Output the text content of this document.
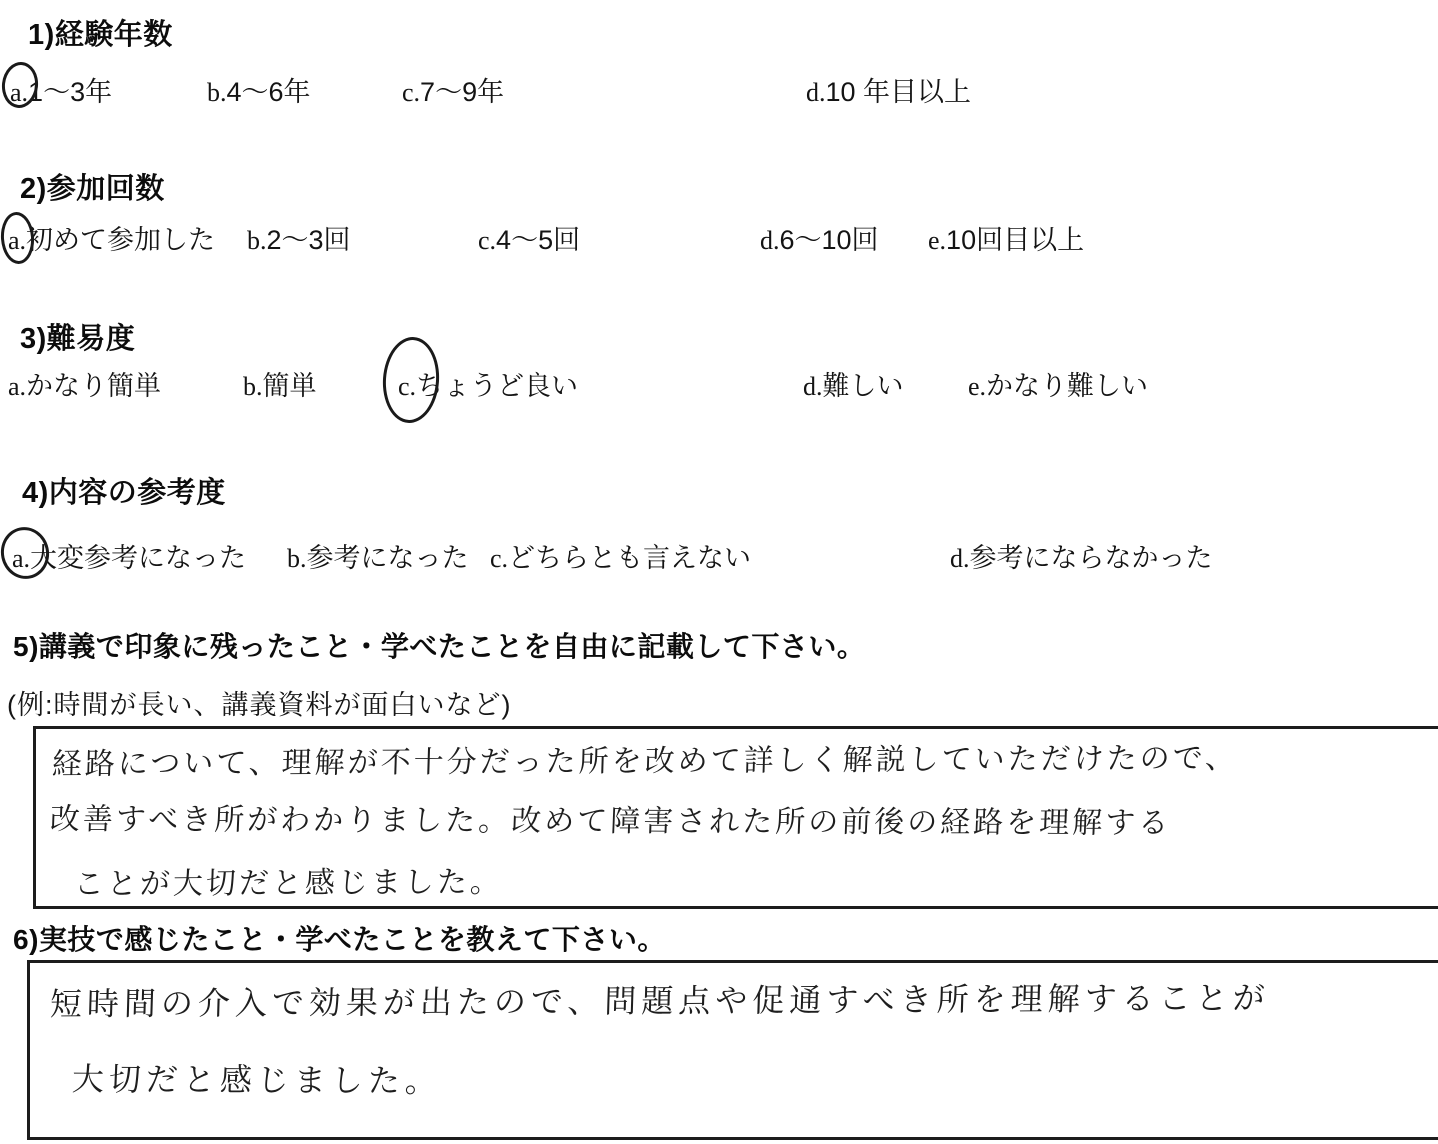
1)経験年数
a.1〜3年	b.4〜6年	c.7〜9年	d.10 年目以上
2)参加回数
a.初めて参加した b.2〜3回	c.4〜5回	d.6〜10回 e.10回目以上
3)難易度
a.かなり簡単	b.簡単	c.ちょうど良い	d.難しい e.かなり難しい
4)内容の参考度
a.大変参考になった b.参考になった c.どちらとも言えない	d.参考にならなかった
5)講義で印象に残ったこと・学べたことを自由に記載して下さい。
(例:時間が長い、講義資料が面白いなど)
経路について、理解が不十分だった所を改めて詳しく解説していただけたので、
改善すべき所がわかりました。改めて障害された所の前後の経路を理解する
ことが大切だと感じました。
6)実技で感じたこと・学べたことを教えて下さい。
短時間の介入で効果が出たので、問題点や促通すべき所を理解することが
大切だと感じました。
